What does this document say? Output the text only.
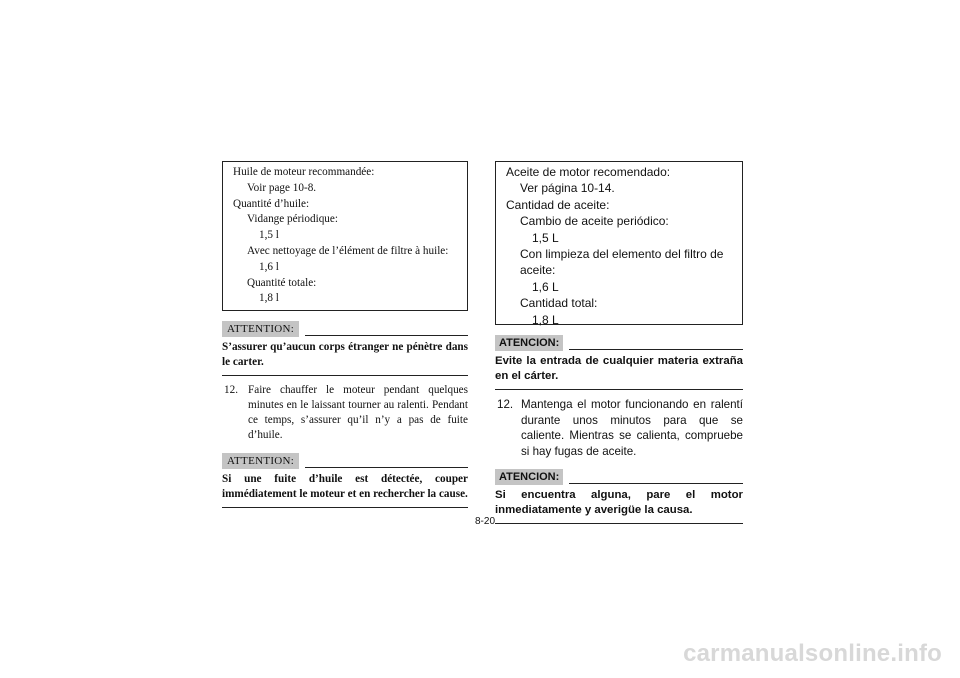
Huile de moteur recommandée:
Voir page 10-8.
Quantité d’huile:
Vidange périodique:
1,5 l
Avec nettoyage de l’élément de filtre à huile:
1,6 l
Quantité totale:
1,8 l
ATTENTION:
S’assurer qu’aucun corps étranger ne pénètre dans le carter.
12. Faire chauffer le moteur pendant quelques minutes en le laissant tourner au ralenti. Pendant ce temps, s’assurer qu’il n’y a pas de fuite d’huile.
ATTENTION:
Si une fuite d’huile est détectée, couper immédiatement le moteur et en rechercher la cause.
Aceite de motor recomendado:
Ver página 10-14.
Cantidad de aceite:
Cambio de aceite periódico:
1,5 L
Con limpieza del elemento del filtro de
aceite:
1,6 L
Cantidad total:
1,8 L
ATENCION:
Evite la entrada de cualquier materia extraña en el cárter.
12. Mantenga el motor funcionando en ralentí durante unos minutos para que se caliente. Mientras se calienta, compruebe si hay fugas de aceite.
ATENCION:
Si encuentra alguna, pare el motor inmediatamente y averigüe la causa.
8-20
carmanualsonline.info
